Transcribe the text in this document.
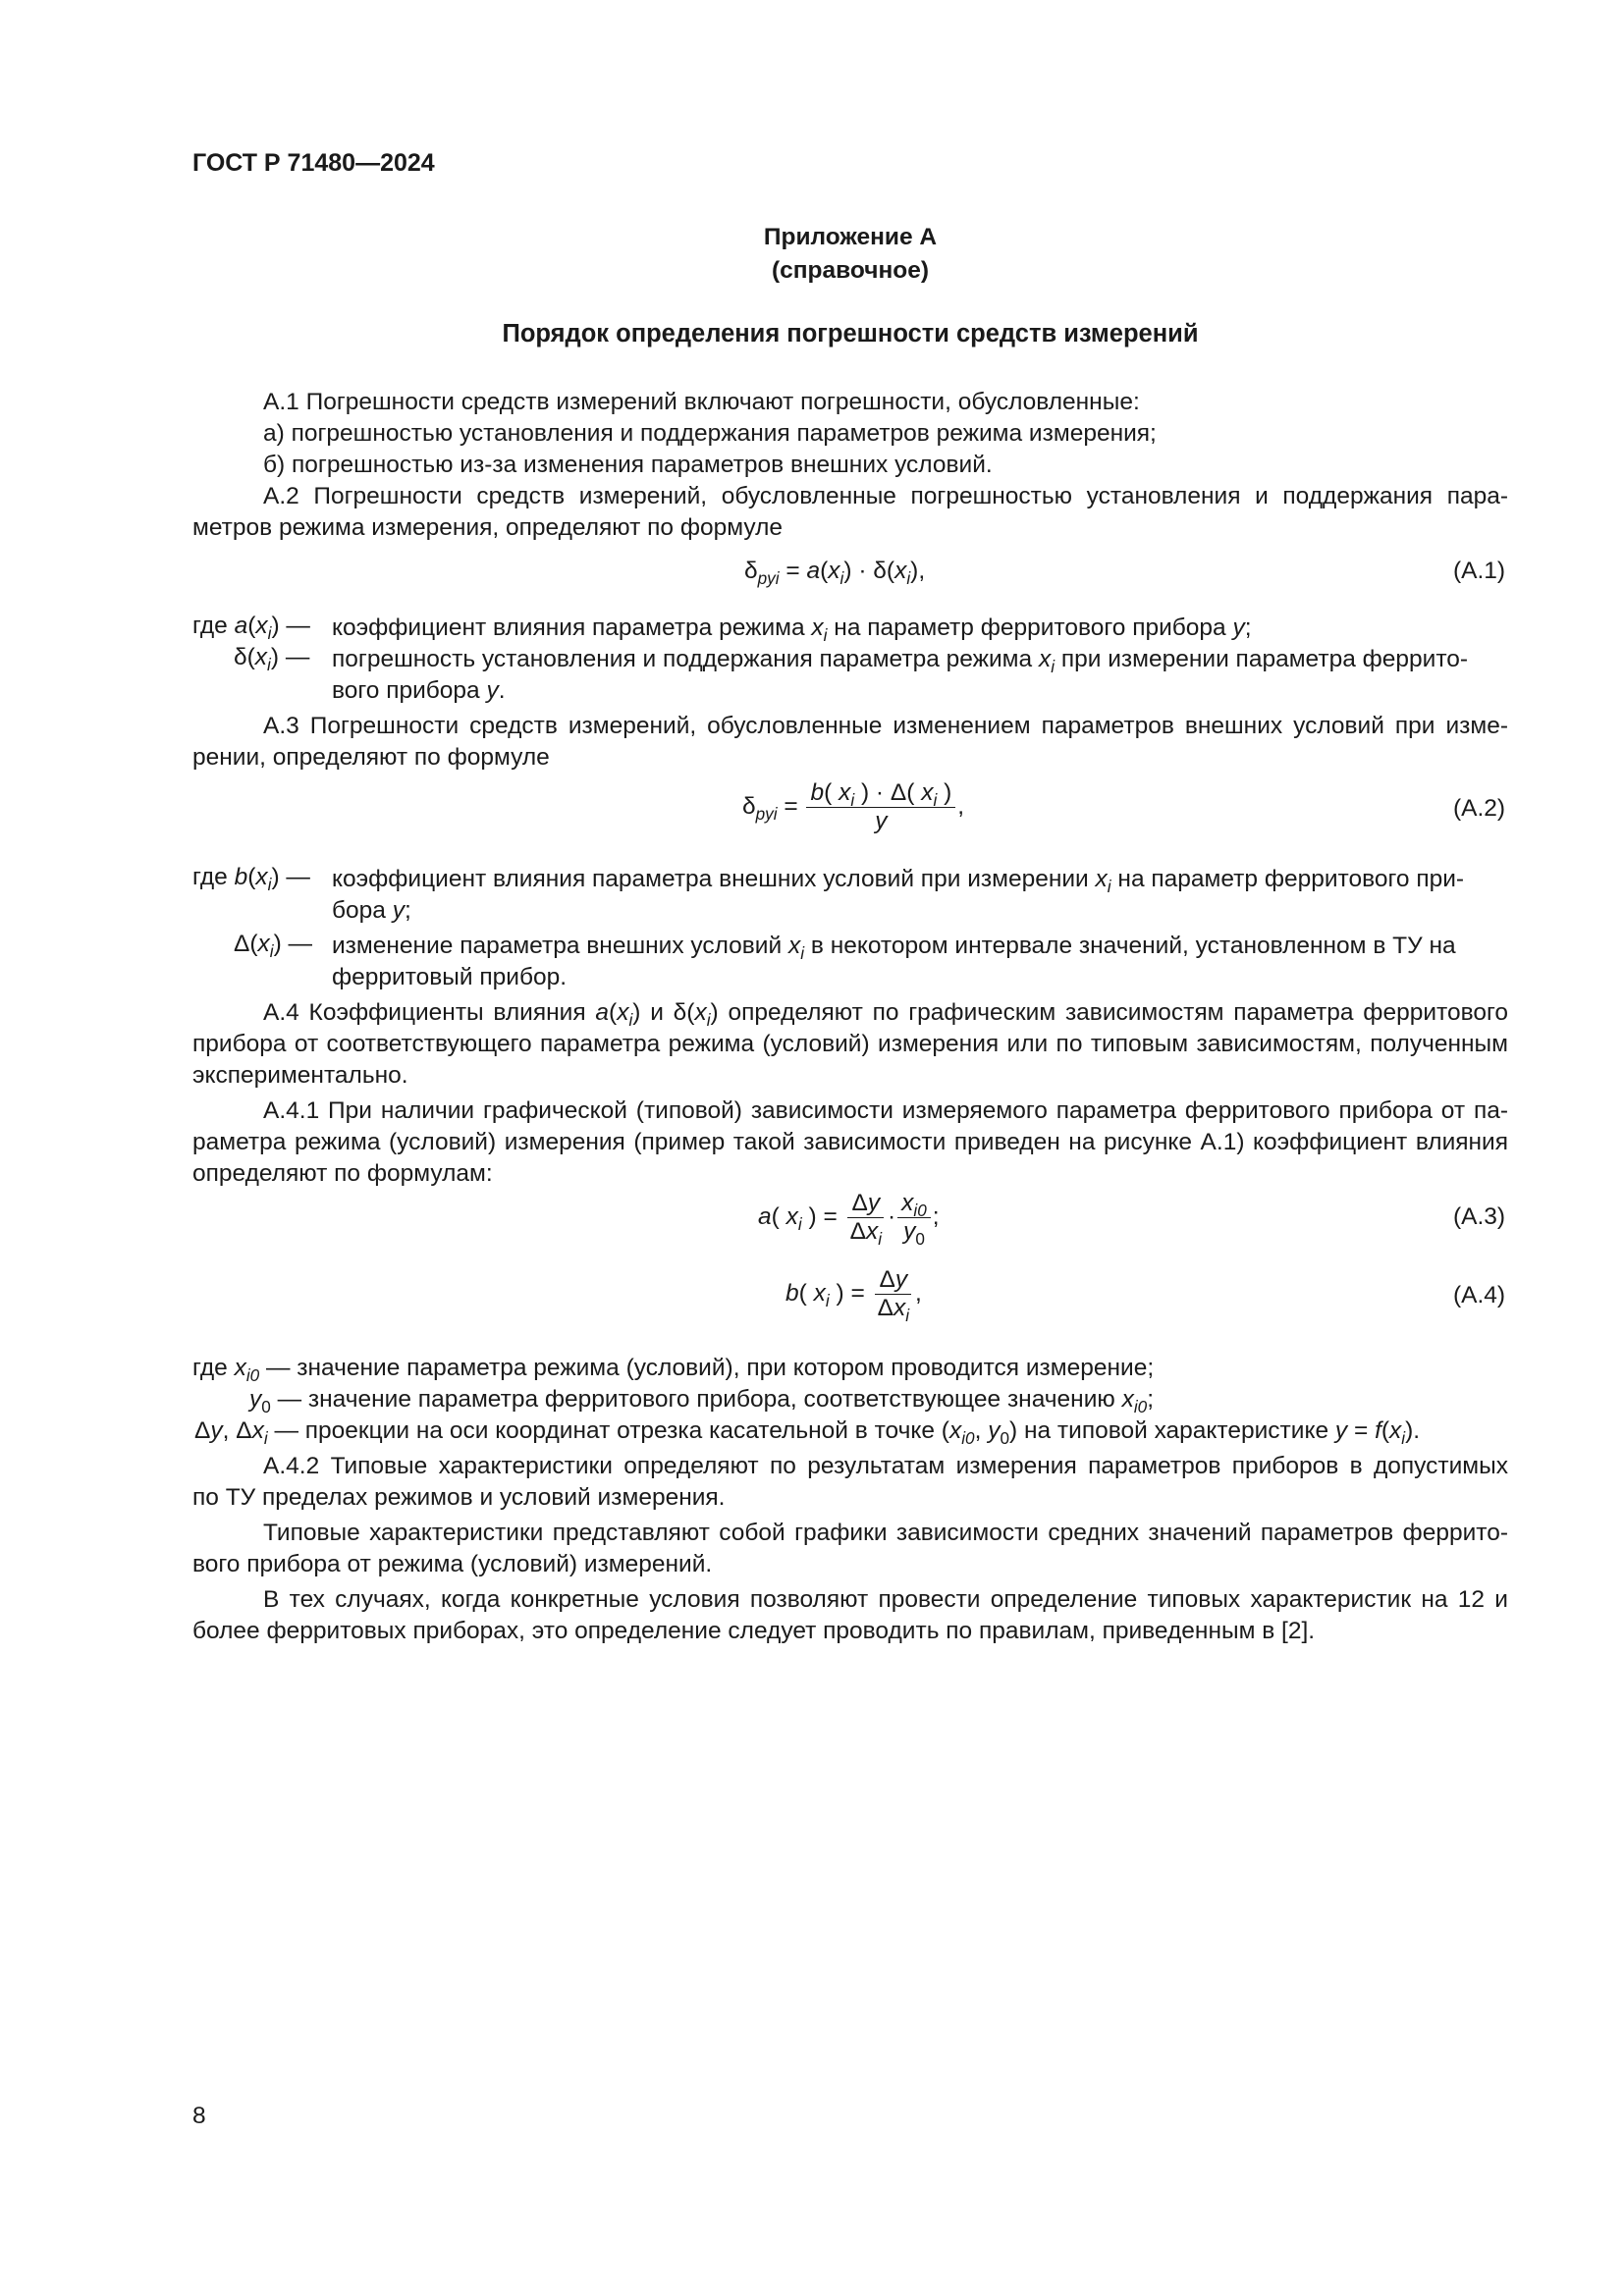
ГОСТ Р 71480—2024
Приложение А
(справочное)
Порядок определения погрешности средств измерений
А.1 Погрешности средств измерений включают погрешности, обусловленные:
а) погрешностью установления и поддержания параметров режима измерения;
б) погрешностью из-за изменения параметров внешних условий.
А.2 Погрешности средств измерений, обусловленные погрешностью установления и поддержания пара-
метров режима измерения, определяют по формуле
$\delta_{pyi} = a(x_i) \cdot \delta(x_i)$,	(А.1)
где $a(x_i)$ — коэффициент влияния параметра режима $x_i$ на параметр ферритового прибора y;
$\delta(x_i)$ — погрешность установления и поддержания параметра режима $x_i$ при измерении параметра феррито-
вого прибора y.
А.3 Погрешности средств измерений, обусловленные изменением параметров внешних условий при изме-
рении, определяют по формуле
$\delta_{pyi} = \frac{b( x_i ) \cdot \Delta( x_i )}{y}$ ,	(А.2)
где $b(x_i)$ — коэффициент влияния параметра внешних условий при измерении $x_i$ на параметр ферритового при-
бора y;
$\Delta(x_i)$ — изменение параметра внешних условий $x_i$ в некотором интервале значений, установленном в ТУ на
ферритовый прибор.
А.4 Коэффициенты влияния $a(x_i)$ и $\delta(x_i)$ определяют по графическим зависимостям параметра ферритового
прибора от соответствующего параметра режима (условий) измерения или по типовым зависимостям, полученным
экспериментально.
А.4.1 При наличии графической (типовой) зависимости измеряемого параметра ферритового прибора от па-
раметра режима (условий) измерения (пример такой зависимости приведен на рисунке А.1) коэффициент влияния
определяют по формулам:
a( $x_i$ ) = $\frac{\Delta y}{\Delta x_i} \cdot \frac{x_{i0}}{y_0}$ ;	(А.3)
b( $x_i$ ) = $\frac{\Delta y}{\Delta x_i}$ ,	(А.4)
где $x_{i0}$ — значение параметра режима (условий), при котором проводится измерение;
$y_0$ — значение параметра ферритового прибора, соответствующее значению $x_{i0}$;
Δy, $\Delta x_i$ — проекции на оси координат отрезка касательной в точке ($x_{i0}$, $y_0$) на типовой характеристике $y = f(x_i)$.
А.4.2 Типовые характеристики определяют по результатам измерения параметров приборов в допустимых
по ТУ пределах режимов и условий измерения.
Типовые характеристики представляют собой графики зависимости средних значений параметров феррито-
вого прибора от режима (условий) измерений.
В тех случаях, когда конкретные условия позволяют провести определение типовых характеристик на 12 и
более ферритовых приборах, это определение следует проводить по правилам, приведенным в [2].
8
